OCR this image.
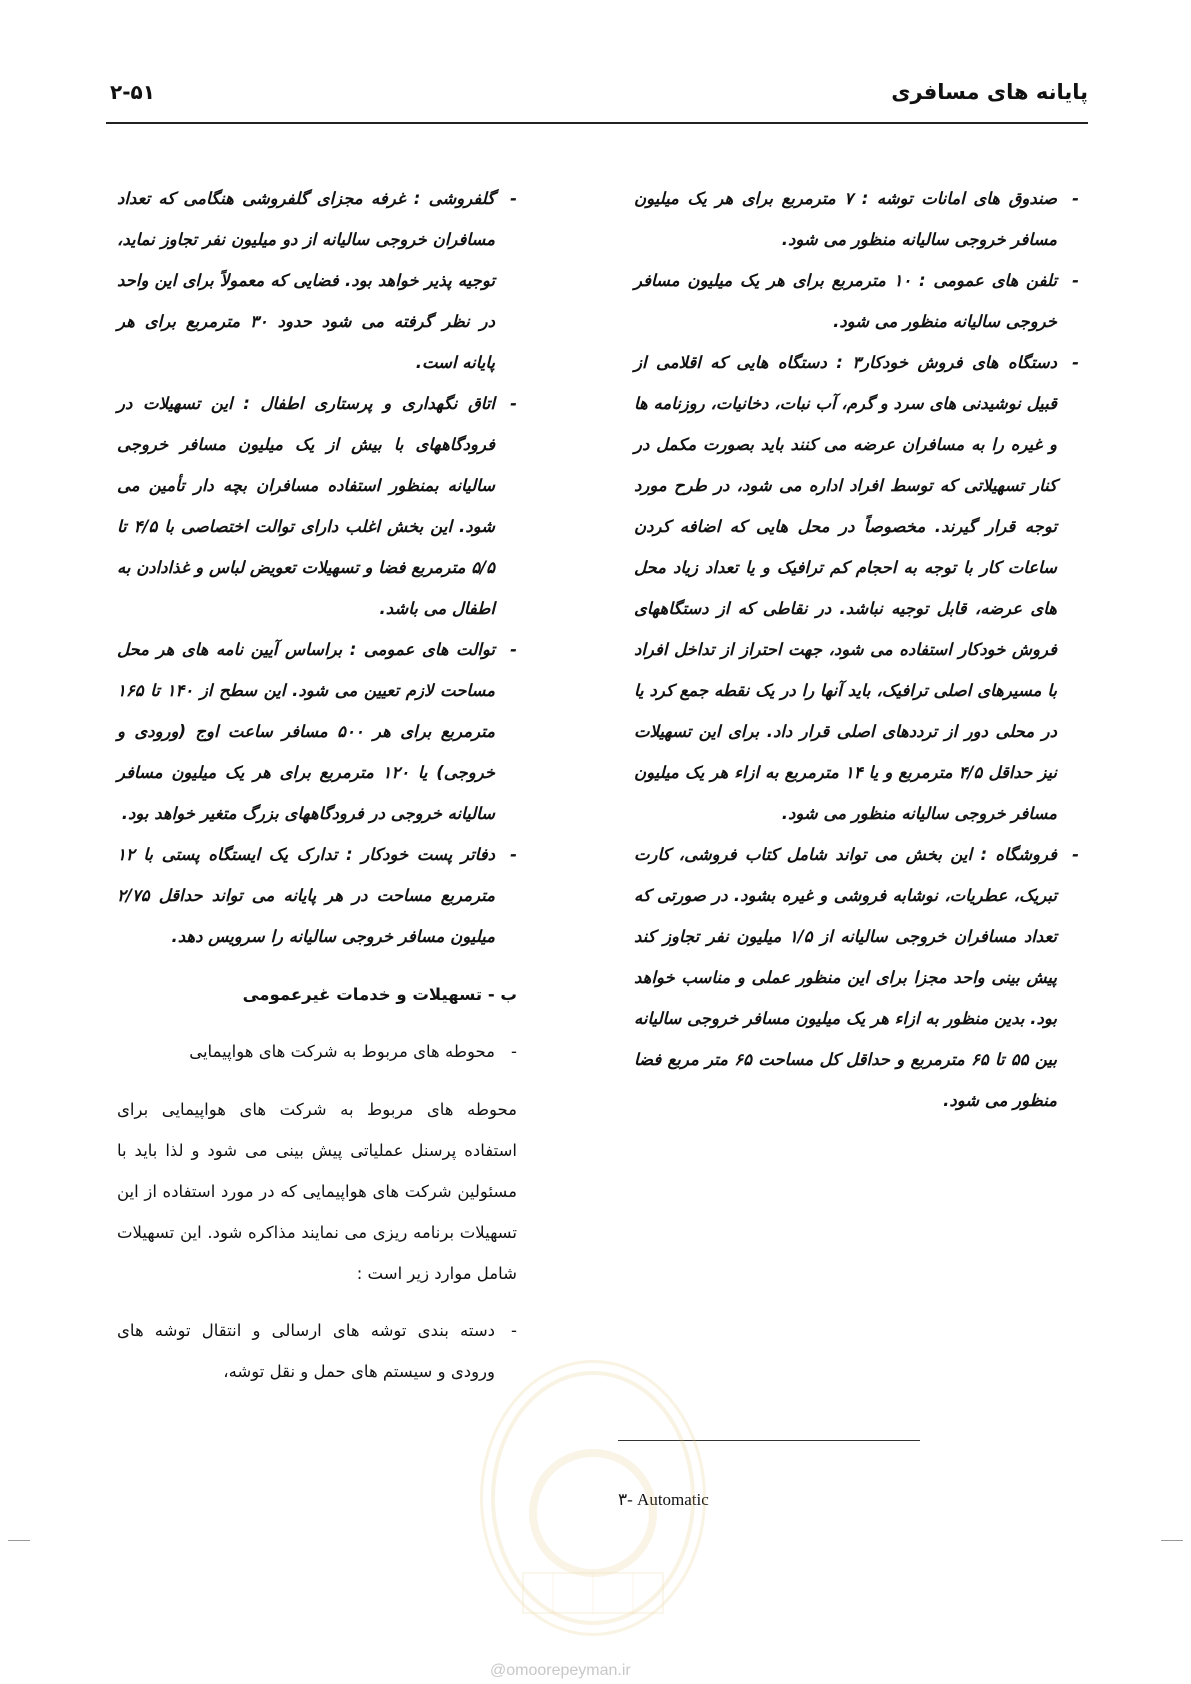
پایانه های مسافری
۲-۵۱

-
صندوق های امانات توشه : ۷ مترمربع برای هر یک میلیون مسافر خروجی سالیانه منظور می شود.

-
تلفن های عمومی : ۱۰ مترمربع برای هر یک میلیون مسافر خروجی سالیانه منظور می شود.

-
دستگاه های فروش خودکار۳ : دستگاه هایی که اقلامی از قبیل نوشیدنی های سرد و گرم، آب نبات، دخانیات، روزنامه ها و غیره را به مسافران عرضه می کنند باید بصورت مکمل در کنار تسهیلاتی که توسط افراد اداره می شود، در طرح مورد توجه قرار گیرند. مخصوصاً در محل هایی که اضافه کردن ساعات کار با توجه به احجام کم ترافیک و یا تعداد زیاد محل های عرضه، قابل توجیه نباشد. در نقاطی که از دستگاههای فروش خودکار استفاده می شود، جهت احتراز از تداخل افراد با مسیرهای اصلی ترافیک، باید آنها را در یک نقطه جمع کرد یا در محلی دور از ترددهای اصلی قرار داد. برای این تسهیلات نیز حداقل ۴/۵ مترمربع و یا ۱۴ مترمربع به ازاء هر یک میلیون مسافر خروجی سالیانه منظور می شود.

-
فروشگاه : این بخش می تواند شامل کتاب فروشی، کارت تبریک، عطریات، نوشابه فروشی و غیره بشود. در صورتی که تعداد مسافران خروجی سالیانه از ۱/۵ میلیون نفر تجاوز کند پیش بینی واحد مجزا برای این منظور عملی و مناسب خواهد بود. بدین منظور به ازاء هر یک میلیون مسافر خروجی سالیانه بین ۵۵ تا ۶۵ مترمربع و حداقل کل مساحت ۶۵ متر مربع فضا منظور می شود.

-
گلفروشی : غرفه مجزای گلفروشی هنگامی که تعداد مسافران خروجی سالیانه از دو میلیون نفر تجاوز نماید، توجیه پذیر خواهد بود. فضایی که معمولاً برای این واحد در نظر گرفته می شود حدود ۳۰ مترمربع برای هر پایانه است.

-
اتاق نگهداری و پرستاری اطفال : این تسهیلات در فرودگاههای با بیش از یک میلیون مسافر خروجی سالیانه بمنظور استفاده مسافران بچه دار تأمین می شود. این بخش اغلب دارای توالت اختصاصی با ۴/۵ تا ۵/۵ مترمربع فضا و تسهیلات تعویض لباس و غذادادن به اطفال می باشد.

-
توالت های عمومی : براساس آیین نامه های هر محل مساحت لازم تعیین می شود. این سطح از ۱۴۰ تا ۱۶۵ مترمربع برای هر ۵۰۰ مسافر ساعت اوج (ورودی و خروجی) یا ۱۲۰ مترمربع برای هر یک میلیون مسافر سالیانه خروجی در فرودگاههای بزرگ متغیر خواهد بود.

-
دفاتر پست خودکار : تدارک یک ایستگاه پستی با ۱۲ مترمربع مساحت در هر پایانه می تواند حداقل ۲/۷۵ میلیون مسافر خروجی سالیانه را سرویس دهد.

ب - تسهیلات و خدمات غیرعمومی

-
محوطه های مربوط به شرکت های هواپیمایی

محوطه های مربوط به شرکت های هواپیمایی برای استفاده پرسنل عملیاتی پیش بینی می شود و لذا باید با مسئولین شرکت های هواپیمایی که در مورد استفاده از این تسهیلات برنامه ریزی می نمایند مذاکره شود. این تسهیلات شامل موارد زیر است :

-
دسته بندی توشه های ارسالی و انتقال توشه های ورودی و سیستم های حمل و نقل توشه،

۳- Automatic
@omoorepeyman.ir
